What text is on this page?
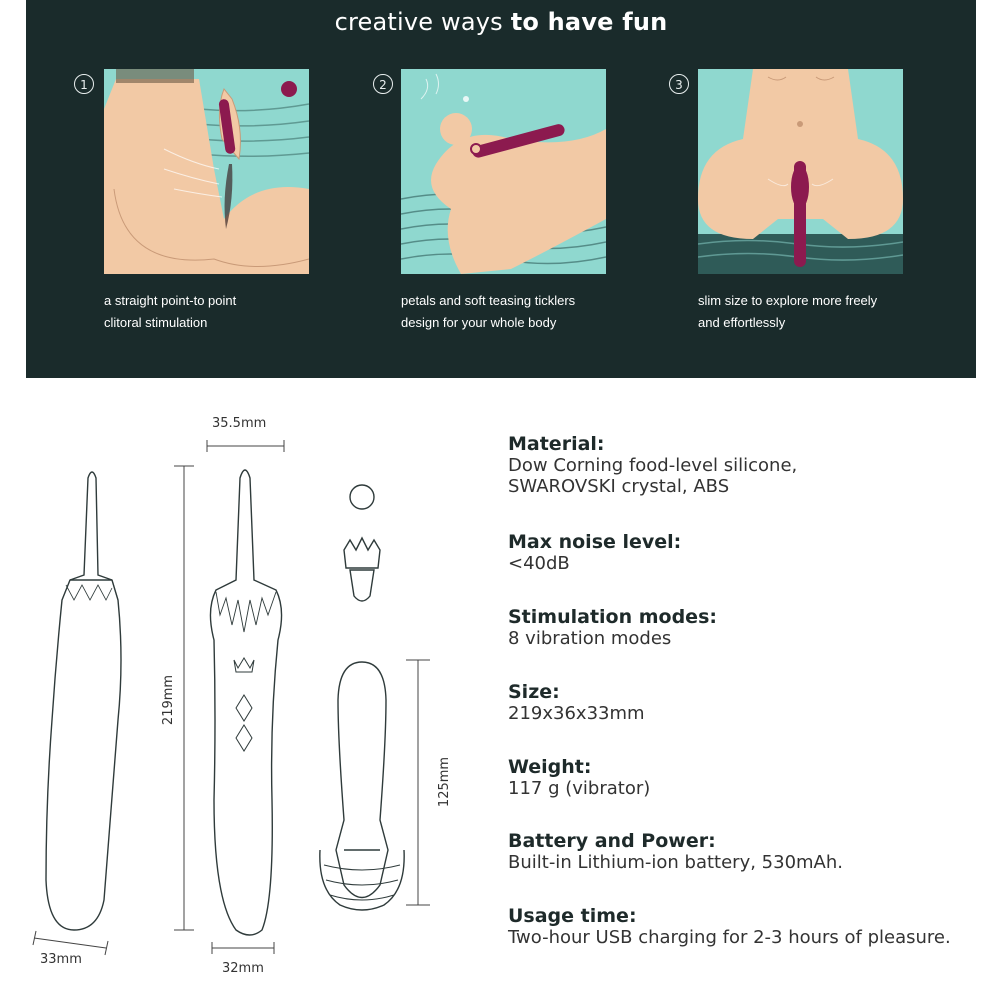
creative ways to have fun
1	2	3
a straight point-to point
clitoral stimulation
petals and soft teasing ticklers
design for your whole body
slim size to explore more freely
and effortlessly
35.5mm
219mm
125mm
33mm
32mm
Material:
Dow Corning food-level silicone,
SWAROVSKI crystal, ABS
Max noise level:
<40dB
Stimulation modes:
8 vibration modes
Size:
219x36x33mm
Weight:
117 g (vibrator)
Battery and Power:
Built-in Lithium-ion battery, 530mAh.
Usage time:
Two-hour USB charging for 2-3 hours of pleasure.
